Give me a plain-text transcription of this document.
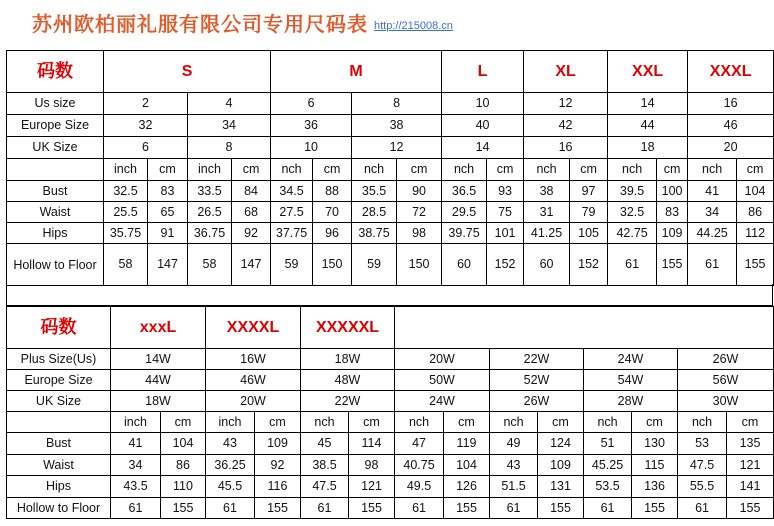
苏州欧柏丽礼服有限公司专用尺码表 http://215008.cn
码数	S				M				L		XL		XXL		XXXL	
Us size	2		4		6		8		10		12		14		16	
Europe Size	32		34		36		38		40		42		44		46	
UK Size	6		8		10		12		14		16		18		20	
	inch	cm	inch	cm	nch	cm	nch	cm	nch	cm	nch	cm	nch	cm	nch	cm
Bust	32.5	83	33.5	84	34.5	88	35.5	90	36.5	93	38	97	39.5	100	41	104
Waist	25.5	65	26.5	68	27.5	70	28.5	72	29.5	75	31	79	32.5	83	34	86
Hips	35.75	91	36.75	92	37.75	96	38.75	98	39.75	101	41.25	105	42.75	109	44.25	112
Hollow to Floor	58	147	58	147	59	150	59	150	60	152	60	152	61	155	61	155
码数	xxxL		XXXXL		XXXXXL									
Plus Size(Us)	14W		16W		18W		20W		22W		24W		26W	
Europe Size	44W		46W		48W		50W		52W		54W		56W	
UK Size	18W		20W		22W		24W		26W		28W		30W	
	inch	cm	inch	cm	nch	cm	nch	cm	nch	cm	nch	cm	nch	cm
Bust	41	104	43	109	45	114	47	119	49	124	51	130	53	135
Waist	34	86	36.25	92	38.5	98	40.75	104	43	109	45.25	115	47.5	121
Hips	43.5	110	45.5	116	47.5	121	49.5	126	51.5	131	53.5	136	55.5	141
Hollow to Floor	61	155	61	155	61	155	61	155	61	155	61	155	61	155
